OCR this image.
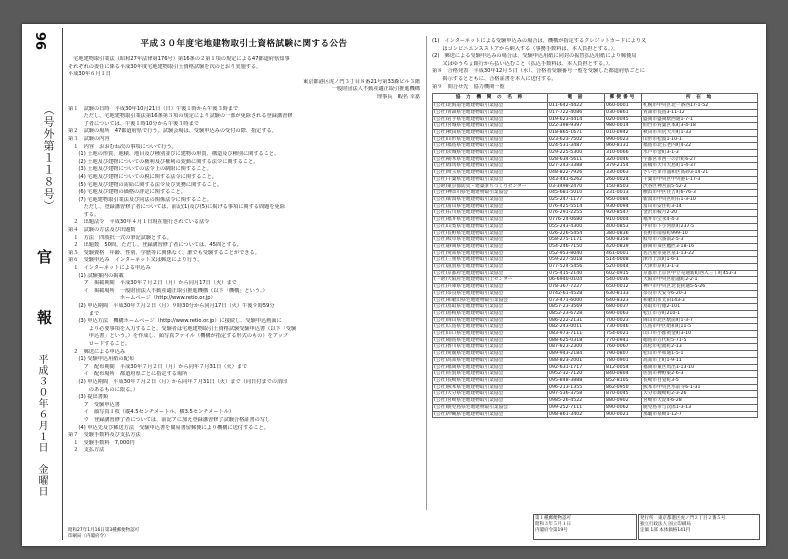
96
（号外第１１８号）
官 報
平成３０年６月１日　金曜日
平成３０年度宅地建物取引士資格試験に関する公告
　宅地建物取引業法（昭和27年法律第176号）第16条の２第１項の規定による47都道府県知事
それぞれの委任に係る平成30年度宅地建物取引士資格試験を次のとおり実施する。
平成30年６月１日
東京都港区虎ノ門３丁目８番21号第33森ビル３階
一般財団法人不動産適正取引推進機構
理事長　蝦名 幸嘉
第１　試験の日時　平成30年10月21日（日）午後１時から午後３時まで
　　　ただし、宅地建物取引業法第16条第３項の規定により試験の一部が免除される登録講習修
　　　了者については、午後１時10分から午後３時まで
第２　試験の場所　47都道府県で行う。試験会場は、受験申込みの受付の際、指定する。
第３　試験の内容
　１　内容　おおむね次の事項について行う。
　　(1) 土地の形質、地積、地目及び種別並びに建物の形質、構造及び種別に関すること。
　　(2) 土地及び建物についての権利及び権利の変動に関する法令に関すること。
　　(3) 土地及び建物についての法令上の制限に関すること。
　　(4) 宅地及び建物についての税に関する法令に関すること。
　　(5) 宅地及び建物の需給に関する法令及び実務に関すること。
　　(6) 宅地及び建物の価格の評定に関すること。
　　(7) 宅地建物取引業法及び同法の関係法令に関すること。
　　　ただし、登録講習修了者については、前記(1)及び(5)に掲げる事項に関する問題を免除
　　　する。
　２　出題法令　平成30年４月１日現在施行されている法令
第４　試験の方法及び出題数
　１　方法　四肢択一式の筆記試験とする。
　２　出題数　50問。ただし、登録講習修了者については、45問とする。
第５　受験資格　年齢、性別、学歴等に関係なく、誰でも受験することができる。
第６　受験申込み　インターネット又は郵送により行う。
　１　インターネットによる申込み
　　(1) 試験案内の掲載
　　　ア　掲載期間　平成30年７月２日（月）から同月17日（火）まで
　　　イ　掲載場所　一般財団法人不動産適正取引推進機構（以下「機構」という。）
　　　　　　　　　　ホームページ（http://www.retio.or.jp）
　　(2) 申込期間　平成30年７月２日（月）９時30分から同月17日（火）午後９時59分
　　　　まで
　　(3) 申込方法　機構ホームページ（http://www.retio.or.jp）に接続し、受験申込画面に
　　　　より必要事項を入力すること。受験者は宅地建物取引士資格試験受験申込書（以下「受験
　　　　申込書」という。）を作成し、顔写真ファイル（機構が指定する形式のもの）をアップ
　　　　ロードすること。
　２　郵送による申込み
　　(1) 受験申込用紙の配布
　　　ア　配布期間　平成30年７月２日（月）から同年７月31日（火）まで
　　　イ　配布場所　都道府県ごとに指定する場所
　　(2) 申込期間　平成30年７月２日（月）から同年７月31日（火）まで（同日付までの消印
　　　　のあるものに限る。）
　　(3) 提出書類
　　　ア　受験申込書
　　　イ　顔写真１枚（縦4.5センチメートル、横3.5センチメートル）
　　　ウ　登録講習修了者については、前記アに加え登録講習修了試験合格証書の写し
　　(4) 申込先及び郵送方法　受験申込書を簡易書留郵便により機構に送付すること。
第７　受験手数料及び支払方法
　１　受験手数料　7,000円
　２　支払方法
(1)　インターネットによる受験申込みの場合は、機構が指定するクレジットカードにより又
　　はコンビニエンスストアから納入する（事務手数料は、本人負担とする。）。
(2)　郵送による受験申込みの場合は、受験申込用紙に同封の振替払込用紙により郵便局
　　又はゆうちょ銀行から払い込むこと（払込手数料は、本人負担とする。）。
第８　合格発表　平成30年12月５日（水）、合格者受験番号一覧を受験した都道府県ごとに
　　掲示するとともに、合格証書を本人に送付する。
第９　問合せ先　協力機関一覧
協 力 機 関 の 名 称	電 話	郵便番号	所 在 地
(公社)北海道宅地建物取引業協会	011-642-4422	060-0001	札幌市中央区北一条西17-1-52
(公社)青森県宅地建物取引業協会	017-722-4086	030-0861	青森市長島3-11-12
(公社)岩手県宅地建物取引業協会	019-623-4414	020-0045	盛岡市盛岡駅西通1-7-1
(公社)宮城県宅地建物取引業協会	022-398-9397	980-0014	仙台市青葉区本町3-4-18
(公社)秋田県宅地建物取引業協会	018-865-1671	010-0942	秋田市川尻大川町1-33
(公社)山形県宅地建物取引業協会	023-623-7502	990-0023	山形市松波1-10-1
(公社)福島県宅地建物取引業協会	024-531-3487	960-8131	福島市北五老内町4-22
(公社)茨城県宅地建物取引業協会	029-225-5300	310-0066	水戸市金町3-1-3
(公社)栃木県宅地建物取引業協会	028-634-5611	320-0046	宇都宮市西一の沢町6-27
(公社)群馬県宅地建物取引業協会	027-243-3388	379-2154	前橋市天川大島町1-4-37
(公社)埼玉県宅地建物取引業協会	048-822-7926	330-0063	さいたま市浦和区高砂3-14-21
(公社)千葉県宅地建物取引業協会	043-441-6262	260-0024	千葉市中央区中央港1-17-3
(公財)東京都防災・建築まちづくりセンター	03-3498-2470	150-8503	渋谷区神宮前5-52-2
(公社)神奈川県宅地建物取引業協会	045-681-5010	231-0013	横浜市中区住吉町6-76-3
(公社)新潟県宅地建物取引業協会	025-247-1177	950-0084	新潟市中央区明石1-3-10
(公社)富山県宅地建物取引業協会	076-425-5514	930-0094	富山市安住町3-14
(公社)石川県宅地建物取引業協会	076-291-2255	920-8547	金沢市鞍月2-20
(公社)福井県宅地建物取引業協会	0776-24-0680	910-0004	福井市宝永4-4-3
(公社)山梨県宅地建物取引業協会	055-243-4300	400-0853	甲府市下小河原町237-5
(公社)長野県宅地建物取引業協会	026-226-5454	380-0836	長野市南県町999-10
(公社)岐阜県宅地建物取引業協会	058-275-1171	500-8358	岐阜市六条南2-5-3
(公社)静岡県宅地建物取引業協会	054-246-7150	420-0839	静岡市葵区鷹匠3-18-16
(公社)愛知県宅地建物取引業協会	052-953-8040	461-0001	名古屋市東区泉1-13-22
(公社)三重県宅地建物取引業協会	059-227-5018	514-0008	津市上浜町1-6-1
(公社)滋賀県宅地建物取引業協会	077-524-5456	520-0044	大津市京町3-1-3
(公社)京都府宅地建物取引業協会	075-415-2140	602-0915	京都市上京区中立売通新町西入三丁町453-3
(一財)大阪府宅地建物取引士センター	06-6940-0104	540-0036	大阪市中央区船越町2-2-1
(公社)兵庫県宅地建物取引業協会	078-367-7227	650-0012	神戸市中央区北長狭通5-5-26
(公社)奈良県宅地建物取引業協会	0742-61-4528	630-8133	奈良市大安寺6-20-3
(公社)和歌山県宅地建物取引業協会	073-471-6000	640-8323	和歌山市太田143-3
(公社)鳥取県宅地建物取引業協会	0857-23-3569	680-0037	鳥取市行徳2-101
(公社)島根県宅地建物取引業協会	0852-23-6728	690-0063	松江市寺町210-1
(公社)岡山県宅地建物取引業協会	086-222-2131	700-0023	岡山市北区駅前町1-3-7
(公社)広島県宅地建物取引業協会	082-243-0011	730-0046	広島市中区昭和町11-5
(公社)山口県宅地建物取引業協会	083-973-7111	754-0021	山口市小郡黄金町3-10
(公社)徳島県宅地建物取引業協会	088-625-0318	770-0941	徳島市万代町5-71-5
(公社)香川県宅地建物取引業協会	087-823-2300	760-0067	高松市松福町2-13
(公社)愛媛県宅地建物取引業協会	089-943-2184	790-0807	松山市平和通1-5-1
(公社)高知県宅地建物取引業協会	088-823-2001	780-0901	高知市上町1-9-11
(公社)福岡県宅地建物取引業協会	092-631-1717	812-0054	福岡市東区馬出1-13-10
(公社)佐賀県宅地建物取引業協会	0952-32-7120	840-0804	佐賀市神野東2-6-3
(公社)長崎県宅地建物取引業協会	095-848-3888	852-8105	長崎市目覚町3-5
(公社)熊本県宅地建物取引業協会	096-213-1355	862-0950	熊本市中央区水前寺6-1-31
(公社)大分県宅地建物取引業協会	097-536-3758	870-0045	大分市城崎町2-3-26
(公社)宮崎県宅地建物取引業協会	0985-26-4522	880-0902	宮崎市大淀4-6-28
(公社)鹿児島県宅地建物取引業協会	099-252-7111	890-0062	鹿児島市与次郎1-3-13
(公社)沖縄県宅地建物取引業協会	098-861-3402	900-0021	那覇市泉崎1-12-7
昭和27年1月16日第3種郵便物認可
印刷局（内閣府令）
第１種郵便物認可
昭和３年５月１日
内閣府令第19号
発行所　東京都港区虎ノ門２丁目２番５号
独立行政法人 国立印刷局
定価 1部 本体価格141円
